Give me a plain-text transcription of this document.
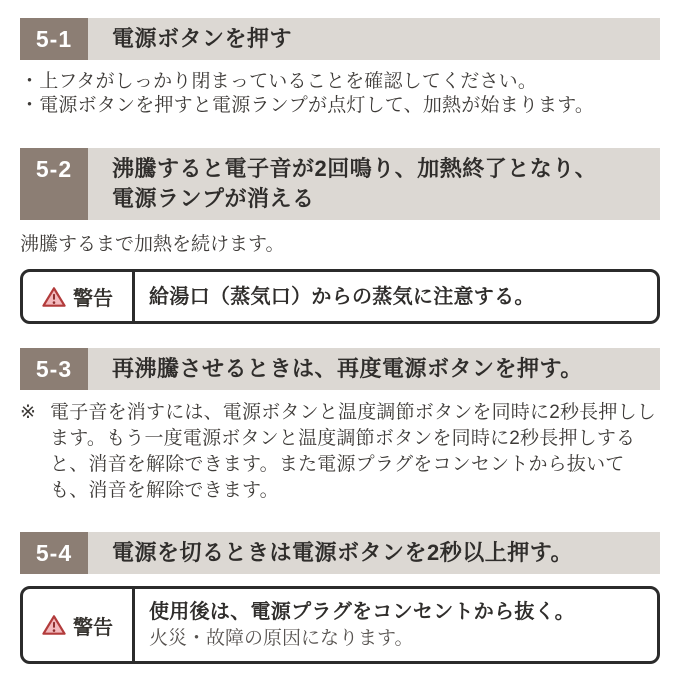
5-1 電源ボタンを押す
・上フタがしっかり閉まっていることを確認してください。
・電源ボタンを押すと電源ランプが点灯して、加熱が始まります。
5-2 沸騰すると電子音が2回鳴り、加熱終了となり、
電源ランプが消える
沸騰するまで加熱を続けます。
警告 給湯口（蒸気口）からの蒸気に注意する。
5-3 再沸騰させるときは、再度電源ボタンを押す。
※ 電子音を消すには、電源ボタンと温度調節ボタンを同時に2秒長押しします。もう一度電源ボタンと温度調節ボタンを同時に2秒長押しすると、消音を解除できます。また電源プラグをコンセントから抜いても、消音を解除できます。
5-4 電源を切るときは電源ボタンを2秒以上押す。
警告
使用後は、電源プラグをコンセントから抜く。
火災・故障の原因になります。
